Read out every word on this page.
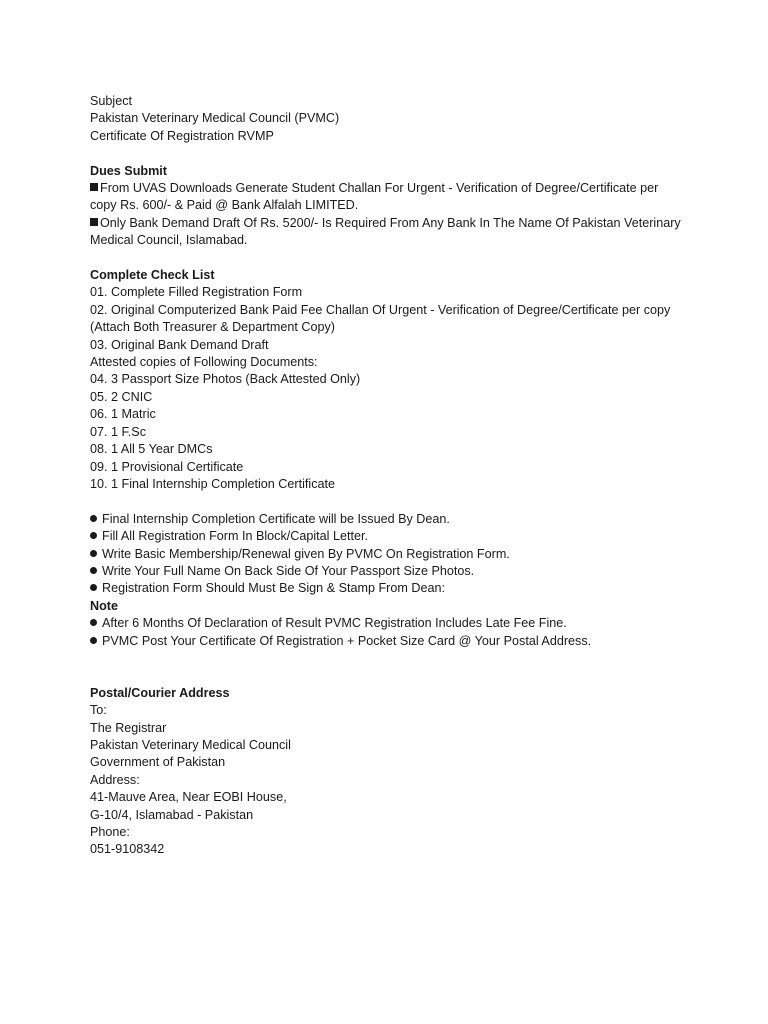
Subject
Pakistan Veterinary Medical Council (PVMC)
Certificate Of Registration RVMP
Dues Submit
From UVAS Downloads Generate Student Challan For Urgent - Verification of Degree/Certificate per
copy Rs. 600/- & Paid @ Bank Alfalah LIMITED.
Only Bank Demand Draft Of Rs. 5200/- Is Required From Any Bank In The Name Of Pakistan Veterinary
Medical Council, Islamabad.
Complete Check List
01. Complete Filled Registration Form
02. Original Computerized Bank Paid Fee Challan Of Urgent - Verification of Degree/Certificate per copy
(Attach Both Treasurer & Department Copy)
03. Original Bank Demand Draft
Attested copies of Following Documents:
04. 3 Passport Size Photos (Back Attested Only)
05. 2 CNIC
06. 1 Matric
07. 1 F.Sc
08. 1 All 5 Year DMCs
09. 1 Provisional Certificate
10. 1 Final Internship Completion Certificate
Final Internship Completion Certificate will be Issued By Dean.
Fill All Registration Form In Block/Capital Letter.
Write Basic Membership/Renewal given By PVMC On Registration Form.
Write Your Full Name On Back Side Of Your Passport Size Photos.
Registration Form Should Must Be Sign & Stamp From Dean:
Note
After 6 Months Of Declaration of Result PVMC Registration Includes Late Fee Fine.
PVMC Post Your Certificate Of Registration + Pocket Size Card @ Your Postal Address.
Postal/Courier Address
To:
The Registrar
Pakistan Veterinary Medical Council
Government of Pakistan
Address:
41-Mauve Area, Near EOBI House,
G-10/4, Islamabad - Pakistan
Phone:
051-9108342
